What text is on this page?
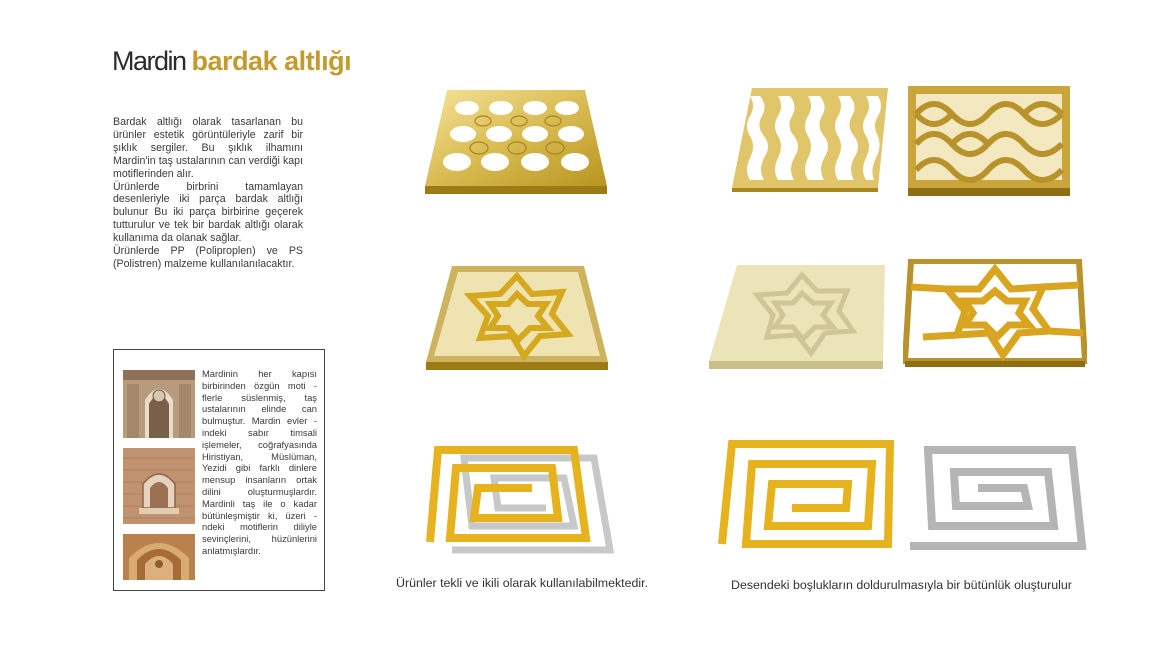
Mardin bardak altlığı

Bardak altlığı olarak tasarlanan bu ürünler estetik görüntüleriyle zarif bir şıklık sergiler. Bu şıklık ilhamını Mardin'in taş ustalarının can verdiği kapı motiflerinden alır.

Ürünlerde birbrini tamamlayan desenleriyle iki parça bardak altlığı bulunur Bu iki parça birbirine geçerek tutturulur ve tek bir bardak altlığı olarak kullanıma da olanak sağlar.

Ürünlerde PP (Poliproplen) ve PS (Polistren) malzeme kullanılanılacaktır.

Mardinin her kapısı birbirinden özgün moti - flerle süslenmiş, taş ustalarının elinde can bulmuştur. Mardin evler - indeki sabır timsali işlemeler, coğrafyasında Hiristiyan, Müslüman, Yezidi gibi farklı dinlere mensup insanların ortak dilini oluşturmuşlardır. Mardinli taş ile o kadar bütünleşmiştir ki, üzeri - ndeki motiflerin diliyle sevinçlerini, hüzünlerini anlatmışlardır.
Ürünler tekli ve ikili olarak kullanılabilmektedir.	Desendeki boşlukların doldurulmasıyla bir bütünlük oluşturulur
